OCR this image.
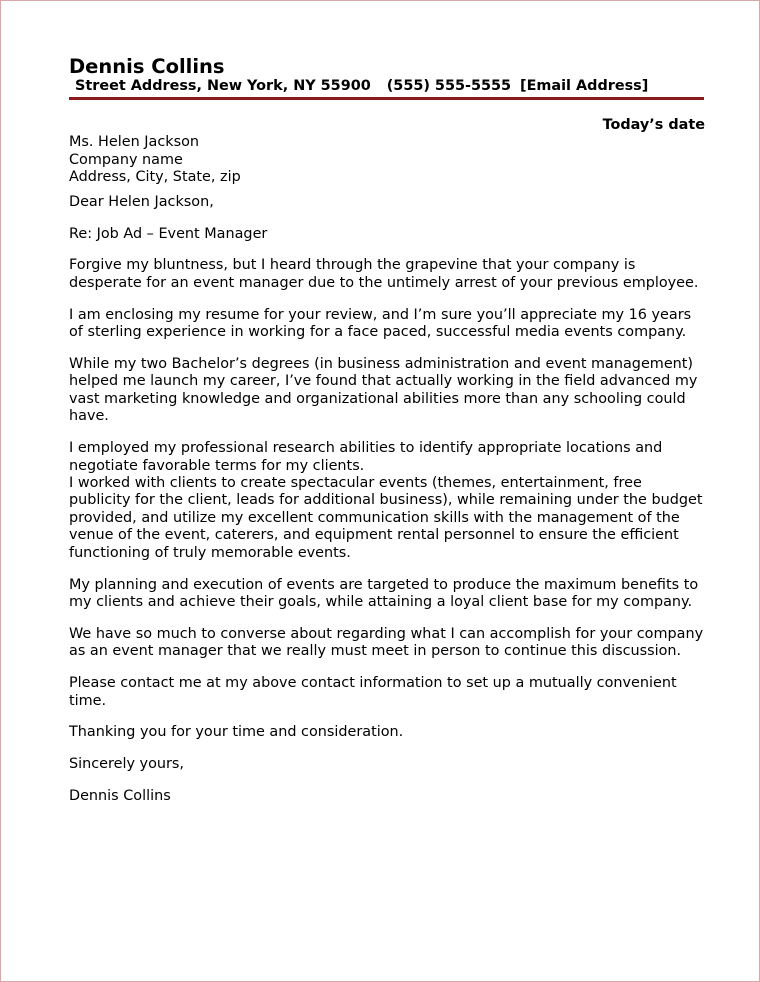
Dennis Collins
Street Address, New York, NY 55900 (555) 555-5555 [Email Address]
Today’s date
Ms. Helen Jackson
Company name
Address, City, State, zip
Dear Helen Jackson,
Re: Job Ad – Event Manager
Forgive my bluntness, but I heard through the grapevine that your company is desperate for an event manager due to the untimely arrest of your previous employee.
I am enclosing my resume for your review, and I’m sure you’ll appreciate my 16 years of sterling experience in working for a face paced, successful media events company.
While my two Bachelor’s degrees (in business administration and event management) helped me launch my career, I’ve found that actually working in the field advanced my vast marketing knowledge and organizational abilities more than any schooling could have.
I employed my professional research abilities to identify appropriate locations and negotiate favorable terms for my clients.
I worked with clients to create spectacular events (themes, entertainment, free publicity for the client, leads for additional business), while remaining under the budget provided, and utilize my excellent communication skills with the management of the venue of the event, caterers, and equipment rental personnel to ensure the efficient functioning of truly memorable events.
My planning and execution of events are targeted to produce the maximum benefits to my clients and achieve their goals, while attaining a loyal client base for my company.
We have so much to converse about regarding what I can accomplish for your company as an event manager that we really must meet in person to continue this discussion.
Please contact me at my above contact information to set up a mutually convenient time.
Thanking you for your time and consideration.
Sincerely yours,
Dennis Collins
